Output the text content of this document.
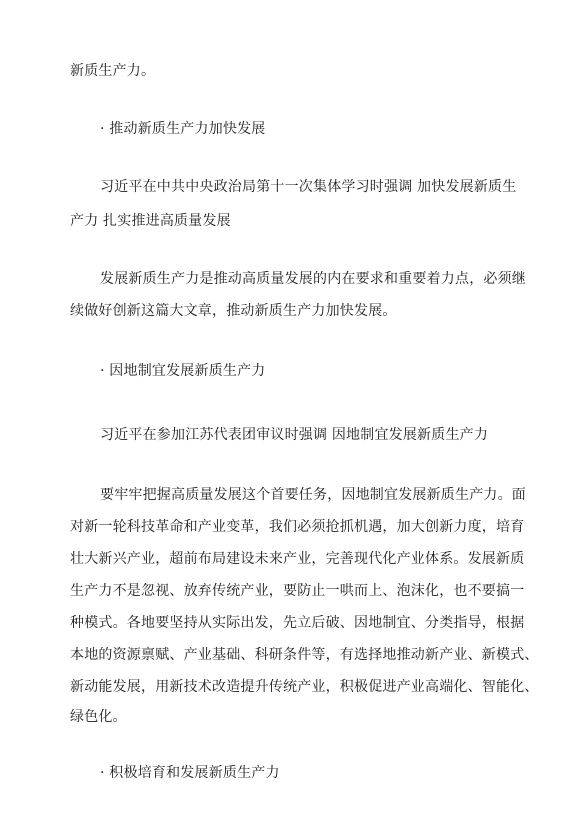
新质生产力。
· 推动新质生产力加快发展
习近平在中共中央政治局第十一次集体学习时强调 加快发展新质生
产力 扎实推进高质量发展
发展新质生产力是推动高质量发展的内在要求和重要着力点，必须继
续做好创新这篇大文章，推动新质生产力加快发展。
· 因地制宜发展新质生产力
习近平在参加江苏代表团审议时强调 因地制宜发展新质生产力
要牢牢把握高质量发展这个首要任务，因地制宜发展新质生产力。面
对新一轮科技革命和产业变革，我们必须抢抓机遇，加大创新力度，培育
壮大新兴产业，超前布局建设未来产业，完善现代化产业体系。发展新质
生产力不是忽视、放弃传统产业，要防止一哄而上、泡沫化，也不要搞一
种模式。各地要坚持从实际出发，先立后破、因地制宜、分类指导，根据
本地的资源禀赋、产业基础、科研条件等，有选择地推动新产业、新模式、
新动能发展，用新技术改造提升传统产业，积极促进产业高端化、智能化、
绿色化。
· 积极培育和发展新质生产力
